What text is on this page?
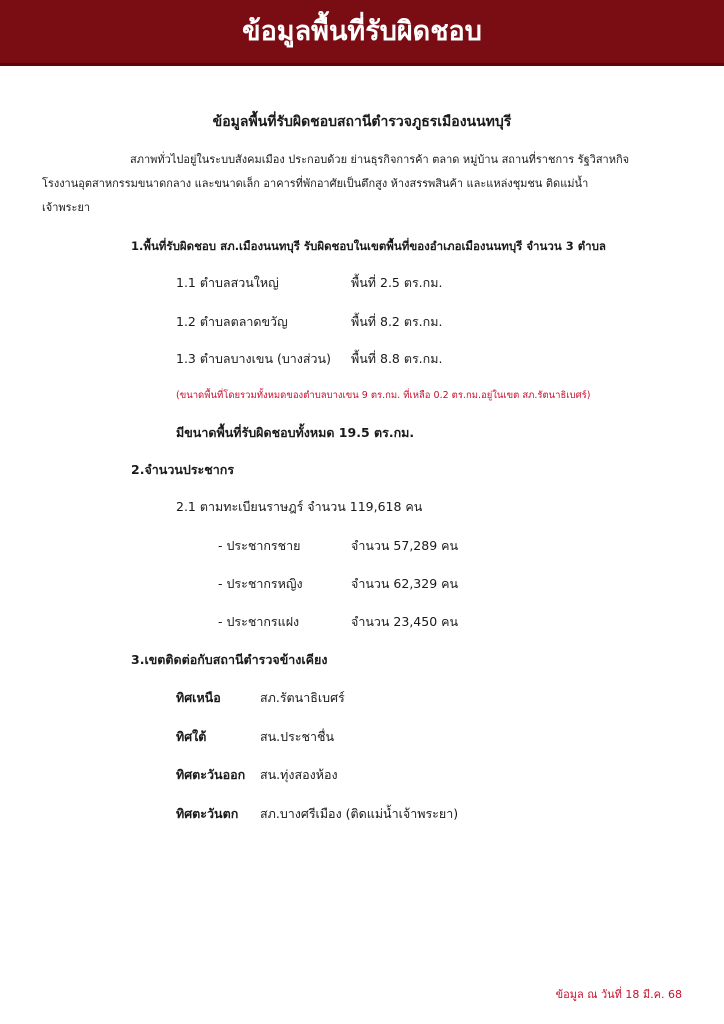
ข้อมูลพื้นที่รับผิดชอบ
ข้อมูลพื้นที่รับผิดชอบสถานีตำรวจภูธรเมืองนนทบุรี
สภาพทั่วไปอยู่ในระบบสังคมเมือง ประกอบด้วย ย่านธุรกิจการค้า ตลาด หมู่บ้าน สถานที่ราชการ รัฐวิสาหกิจ
โรงงานอุตสาหกรรมขนาดกลาง และขนาดเล็ก อาคารที่พักอาศัยเป็นตึกสูง ห้างสรรพสินค้า และแหล่งชุมชน ติดแม่น้ำ
เจ้าพระยา
1.พื้นที่รับผิดชอบ สภ.เมืองนนทบุรี รับผิดชอบในเขตพื้นที่ของอำเภอเมืองนนทบุรี จำนวน 3 ตำบล
1.1 ตำบลสวนใหญ่	พื้นที่ 2.5 ตร.กม.
1.2 ตำบลตลาดขวัญ	พื้นที่ 8.2 ตร.กม.
1.3 ตำบลบางเขน (บางส่วน) พื้นที่ 8.8 ตร.กม.
(ขนาดพื้นที่โดยรวมทั้งหมดของตำบลบางเขน 9 ตร.กม. ที่เหลือ 0.2 ตร.กม.อยู่ในเขต สภ.รัตนาธิเบศร์)
มีขนาดพื้นที่รับผิดชอบทั้งหมด 19.5 ตร.กม.
2.จำนวนประชากร
2.1 ตามทะเบียนราษฎร์ จำนวน 119,618 คน
- ประชากรชาย	จำนวน 57,289 คน
- ประชากรหญิง	จำนวน 62,329 คน
- ประชากรแฝง	จำนวน 23,450 คน
3.เขตติดต่อกับสถานีตำรวจข้างเคียง
ทิศเหนือ	สภ.รัตนาธิเบศร์
ทิศใต้	สน.ประชาชื่น
ทิศตะวันออก สน.ทุ่งสองห้อง
ทิศตะวันตก สภ.บางศรีเมือง (ติดแม่น้ำเจ้าพระยา)
ข้อมูล ณ วันที่ 18 มี.ค. 68
